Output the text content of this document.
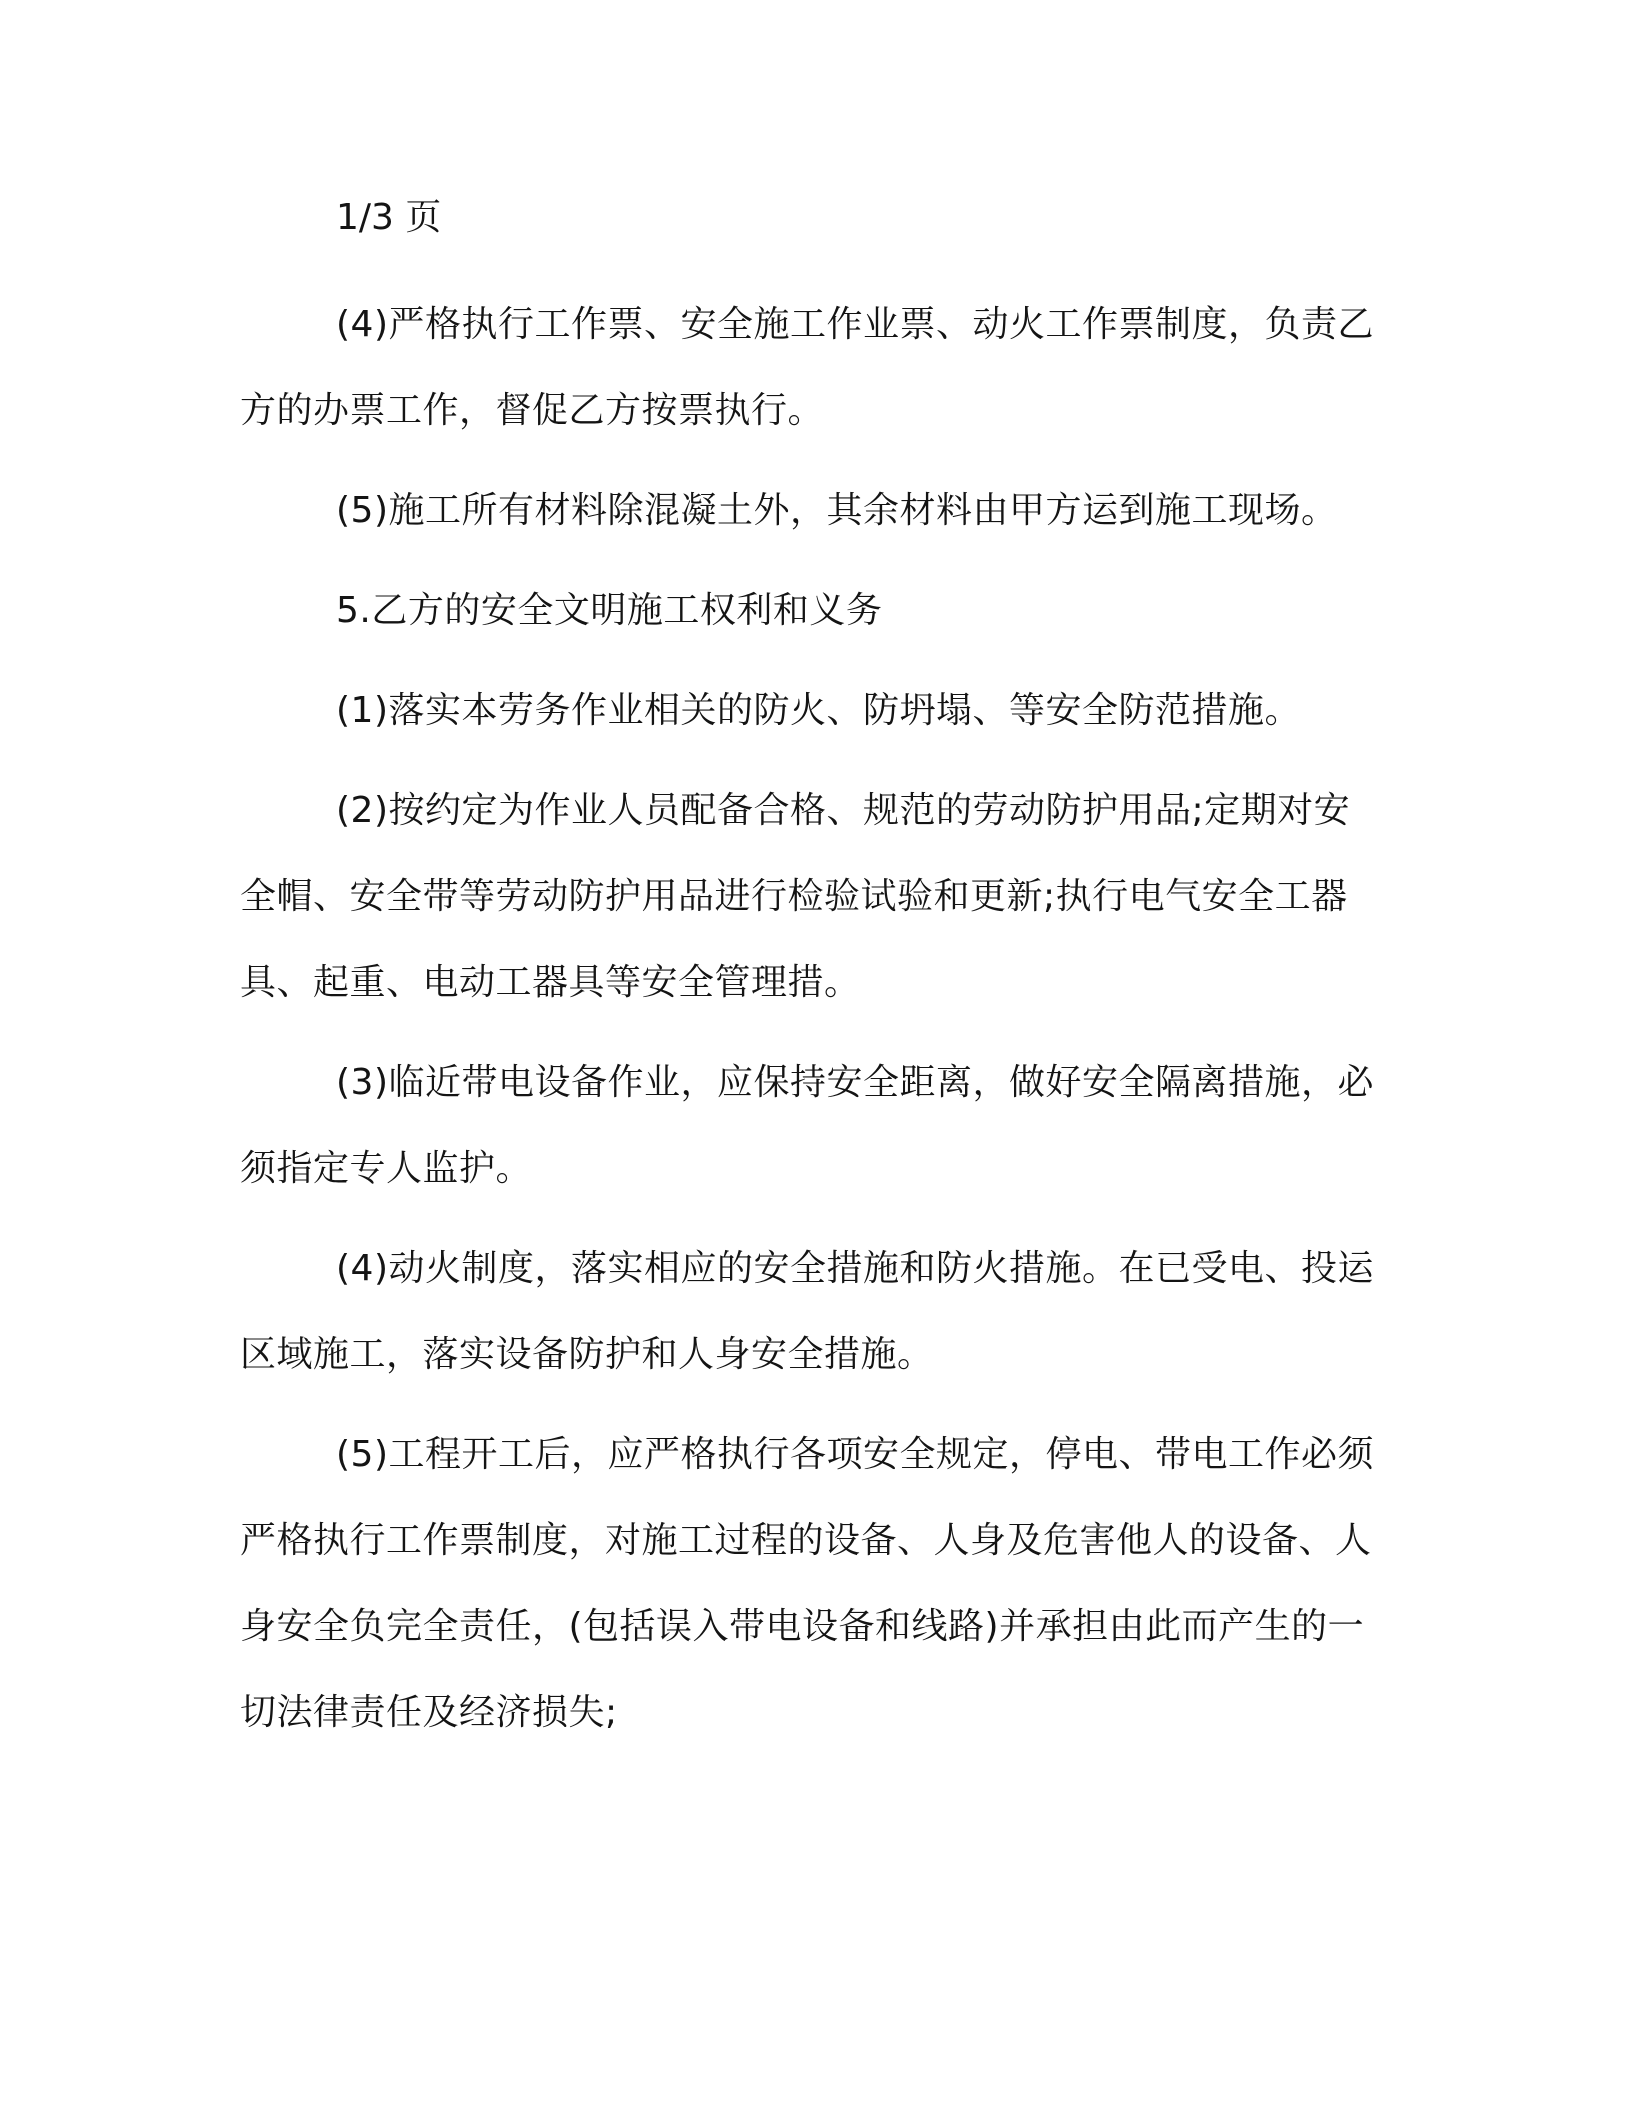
1/3 页

(4)严格执行工作票、安全施工作业票、动火工作票制度，负责乙方的办票工作，督促乙方按票执行。

(5)施工所有材料除混凝土外，其余材料由甲方运到施工现场。

5.乙方的安全文明施工权利和义务

(1)落实本劳务作业相关的防火、防坍塌、等安全防范措施。

(2)按约定为作业人员配备合格、规范的劳动防护用品;定期对安全帽、安全带等劳动防护用品进行检验试验和更新;执行电气安全工器具、起重、电动工器具等安全管理措。

(3)临近带电设备作业，应保持安全距离，做好安全隔离措施，必须指定专人监护。

(4)动火制度，落实相应的安全措施和防火措施。在已受电、投运区域施工，落实设备防护和人身安全措施。

(5)工程开工后，应严格执行各项安全规定，停电、带电工作必须严格执行工作票制度，对施工过程的设备、人身及危害他人的设备、人身安全负完全责任，(包括误入带电设备和线路)并承担由此而产生的一切法律责任及经济损失;
